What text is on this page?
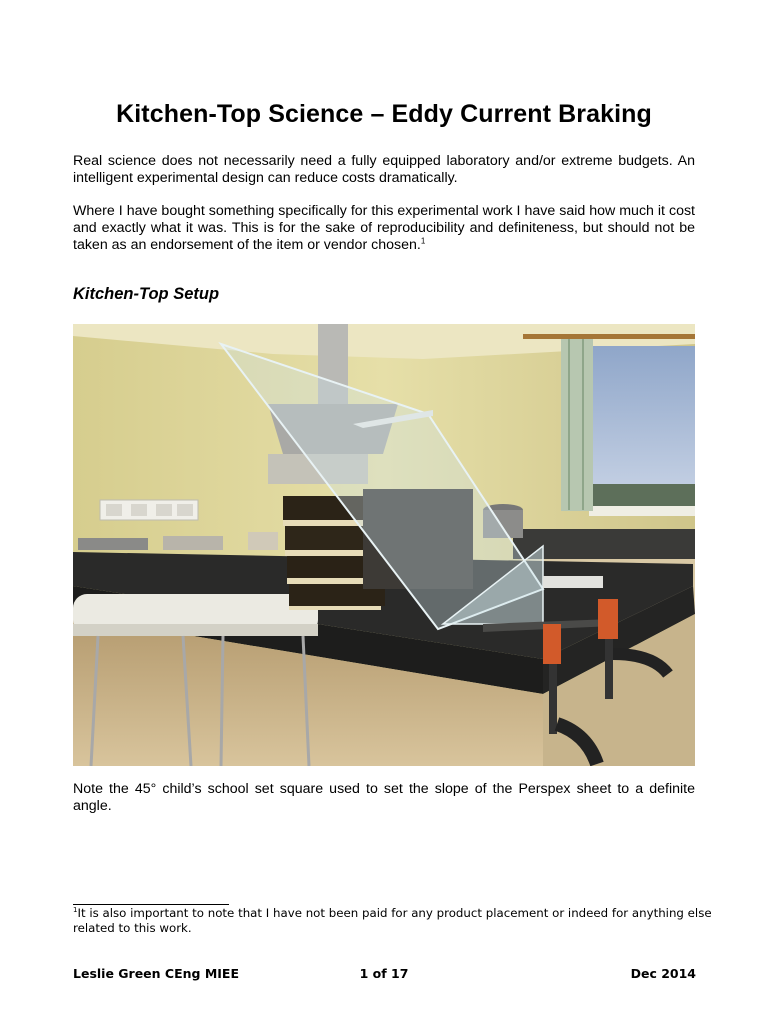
Kitchen-Top Science – Eddy Current Braking

Real science does not necessarily need a fully equipped laboratory and/or extreme budgets. An intelligent experimental design can reduce costs dramatically.

Where I have bought something specifically for this experimental work I have said how much it cost and exactly what it was. This is for the sake of reproducibility and definiteness, but should not be taken as an endorsement of the item or vendor chosen.$^1$

Kitchen-Top Setup

Note the 45° child’s school set square used to set the slope of the Perspex sheet to a definite angle.

$^1$It is also important to note that I have not been paid for any product placement or indeed for anything else related to this work.

Leslie Green CEng MIEE	1 of 17	Dec 2014
